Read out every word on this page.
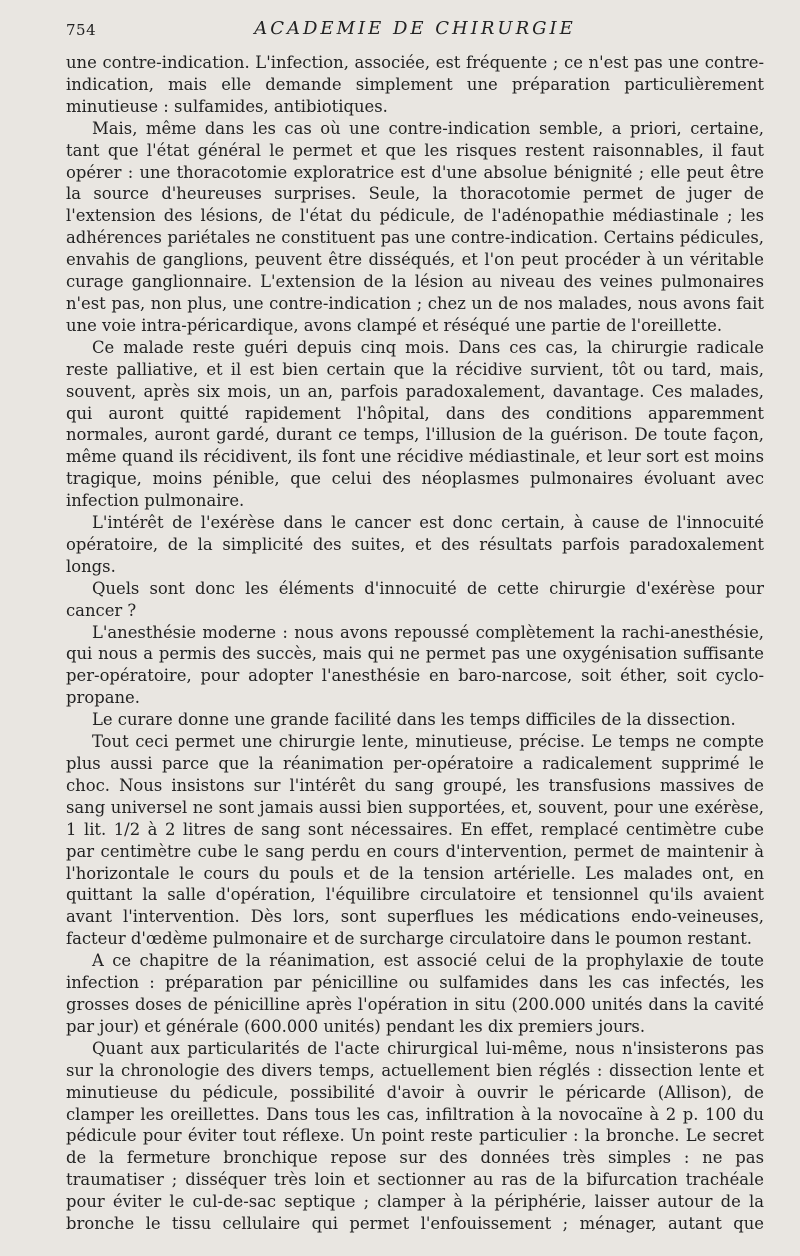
754	ACADEMIE DE CHIRURGIE

une contre-indication. L'infection, associée, est fréquente ; ce n'est pas une contre-indication, mais elle demande simplement une préparation particulièrement minutieuse : sulfamides, antibiotiques.

Mais, même dans les cas où une contre-indication semble, a priori, certaine, tant que l'état général le permet et que les risques restent raisonnables, il faut opérer : une thoracotomie exploratrice est d'une absolue bénignité ; elle peut être la source d'heureuses surprises. Seule, la thoracotomie permet de juger de l'extension des lésions, de l'état du pédicule, de l'adénopathie médiastinale ; les adhérences pariétales ne constituent pas une contre-indication. Certains pédicules, envahis de ganglions, peuvent être disséqués, et l'on peut procéder à un véritable curage ganglionnaire. L'extension de la lésion au niveau des veines pulmonaires n'est pas, non plus, une contre-indication ; chez un de nos malades, nous avons fait une voie intra-péricardique, avons clampé et réséqué une partie de l'oreillette.

Ce malade reste guéri depuis cinq mois. Dans ces cas, la chirurgie radicale reste palliative, et il est bien certain que la récidive survient, tôt ou tard, mais, souvent, après six mois, un an, parfois paradoxalement, davantage. Ces malades, qui auront quitté rapidement l'hôpital, dans des conditions apparemment normales, auront gardé, durant ce temps, l'illusion de la guérison. De toute façon, même quand ils récidivent, ils font une récidive médiastinale, et leur sort est moins tragique, moins pénible, que celui des néoplasmes pulmonaires évoluant avec infection pulmonaire.

L'intérêt de l'exérèse dans le cancer est donc certain, à cause de l'innocuité opératoire, de la simplicité des suites, et des résultats parfois paradoxalement longs.

Quels sont donc les éléments d'innocuité de cette chirurgie d'exérèse pour cancer ?

L'anesthésie moderne : nous avons repoussé complètement la rachi-anesthésie, qui nous a permis des succès, mais qui ne permet pas une oxygénisation suffisante per-opératoire, pour adopter l'anesthésie en baro-narcose, soit éther, soit cyclo-propane.

Le curare donne une grande facilité dans les temps difficiles de la dissection.

Tout ceci permet une chirurgie lente, minutieuse, précise. Le temps ne compte plus aussi parce que la réanimation per-opératoire a radicalement supprimé le choc. Nous insistons sur l'intérêt du sang groupé, les transfusions massives de sang universel ne sont jamais aussi bien supportées, et, souvent, pour une exérèse, 1 lit. 1/2 à 2 litres de sang sont nécessaires. En effet, remplacé centimètre cube par centimètre cube le sang perdu en cours d'intervention, permet de maintenir à l'horizontale le cours du pouls et de la tension artérielle. Les malades ont, en quittant la salle d'opération, l'équilibre circulatoire et tensionnel qu'ils avaient avant l'intervention. Dès lors, sont superflues les médications endo-veineuses, facteur d'œdème pulmonaire et de surcharge circulatoire dans le poumon restant.

A ce chapitre de la réanimation, est associé celui de la prophylaxie de toute infection : préparation par pénicilline ou sulfamides dans les cas infectés, les grosses doses de pénicilline après l'opération in situ (200.000 unités dans la cavité par jour) et générale (600.000 unités) pendant les dix premiers jours.

Quant aux particularités de l'acte chirurgical lui-même, nous n'insisterons pas sur la chronologie des divers temps, actuellement bien réglés : dissection lente et minutieuse du pédicule, possibilité d'avoir à ouvrir le péricarde (Allison), de clamper les oreillettes. Dans tous les cas, infiltration à la novocaïne à 2 p. 100 du pédicule pour éviter tout réflexe. Un point reste particulier : la bronche. Le secret de la fermeture bronchique repose sur des données très simples : ne pas traumatiser ; disséquer très loin et sectionner au ras de la bifurcation trachéale pour éviter le cul-de-sac septique ; clamper à la périphérie, laisser autour de la bronche le tissu cellulaire qui permet l'enfouissement ; ménager, autant que
